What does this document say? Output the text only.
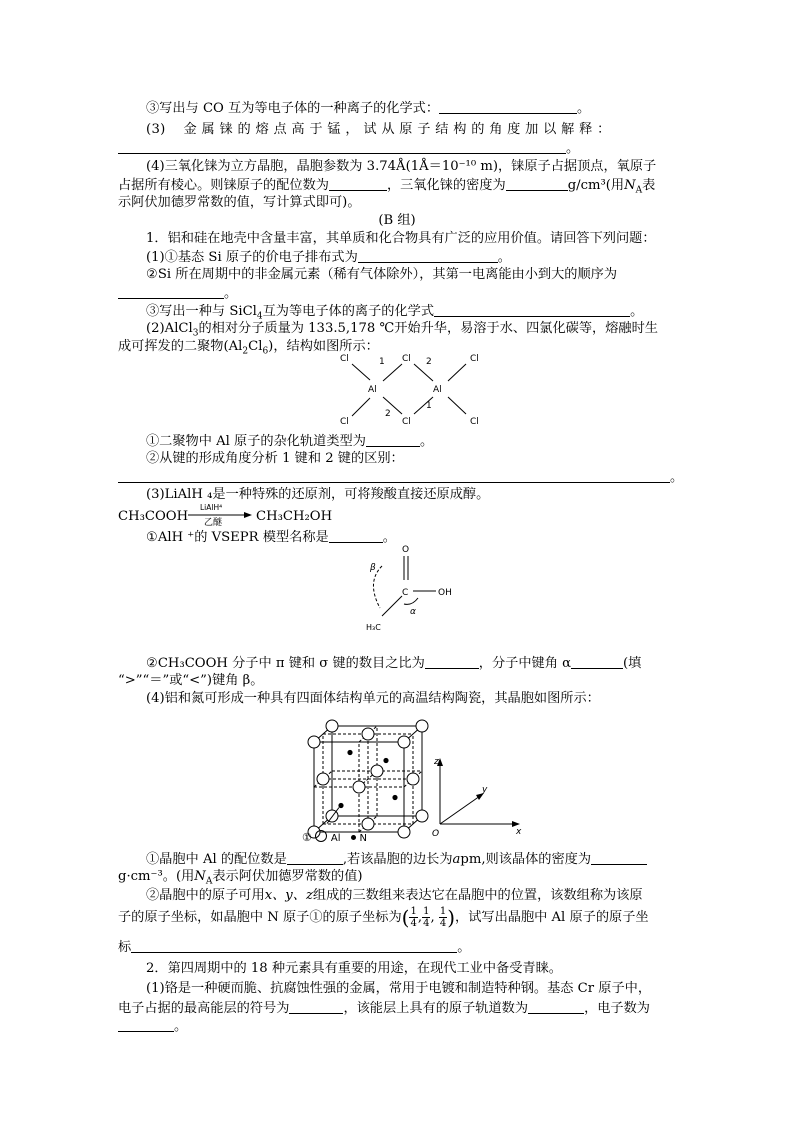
③写出与 CO 互为等电子体的一种离子的化学式：	。
(3)　 金 属 铼 的 熔 点 高 于 锰 ， 试 从 原 子 结 构 的 角 度 加 以 解 释 ：
。
(4)三氧化铼为立方晶胞，晶胞参数为 3.74Å(1Å＝10⁻¹⁰ m)，铼原子占据顶点，氧原子
占据所有棱心。则铼原子的配位数为	，三氧化铼的密度为	g/cm³(用$N_A$表
示阿伏加德罗常数的值，写计算式即可)。
(B 组)
1．铝和硅在地壳中含量丰富，其单质和化合物具有广泛的应用价值。请回答下列问题：
(1)①基态 Si 原子的价电子排布式为	。
②Si 所在周期中的非金属元素（稀有气体除外），其第一电离能由小到大的顺序为
。
③写出一种与 SiCl$_4$互为等电子体的离子的化学式	。
(2)AlCl$_3$的相对分子质量为 133.5,178 ℃开始升华，易溶于水、四氯化碳等，熔融时生
成可挥发的二聚物$(Al_2Cl_6)$，结构如图所示：
Cl	Cl	Cl
Cl	Cl	Cl
Al	Al
1	2
2
1
①二聚物中 Al 原子的杂化轨道类型为	。
②从键的形成角度分析 1 键和 2 键的区别：
。
(3)LiAlH ₄是一种特殊的还原剂，可将羧酸直接还原成醇。
CH₃COOH
LiAlH⁴
乙醚	CH₃CH₂OH
①AlH ⁺的 VSEPR 模型名称是	。
O
C	OH
H₃C
β
α
②CH₃COOH 分子中 π 键和 σ 键的数目之比为	，分子中键角 α	(填
“>”“＝”或“<”)键角 β。
(4)铝和氮可形成一种具有四面体结构单元的高温结构陶瓷，其晶胞如图所示：
z
x
y
O
① Al N
①晶胞中 Al 的配位数是	,若该晶胞的边长为apm,则该晶体的密度为
g·cm⁻³。(用$N_A$表示阿伏加德罗常数的值)
②晶胞中的原子可用x、y、z组成的三数组来表达它在晶胞中的位置，该数组称为该原
子的原子坐标，如晶胞中 N 原子①的原子坐标为( $\frac{1}{4}$ , $\frac{1}{4}$ , $\frac{1}{4}$ )，试写出晶胞中 Al 原子的原子坐
标	。
2．第四周期中的 18 种元素具有重要的用途，在现代工业中备受青睐。
(1)铬是一种硬而脆、抗腐蚀性强的金属，常用于电镀和制造特种钢。基态 Cr 原子中，
电子占据的最高能层的符号为	，该能层上具有的原子轨道数为	，电子数为
。
